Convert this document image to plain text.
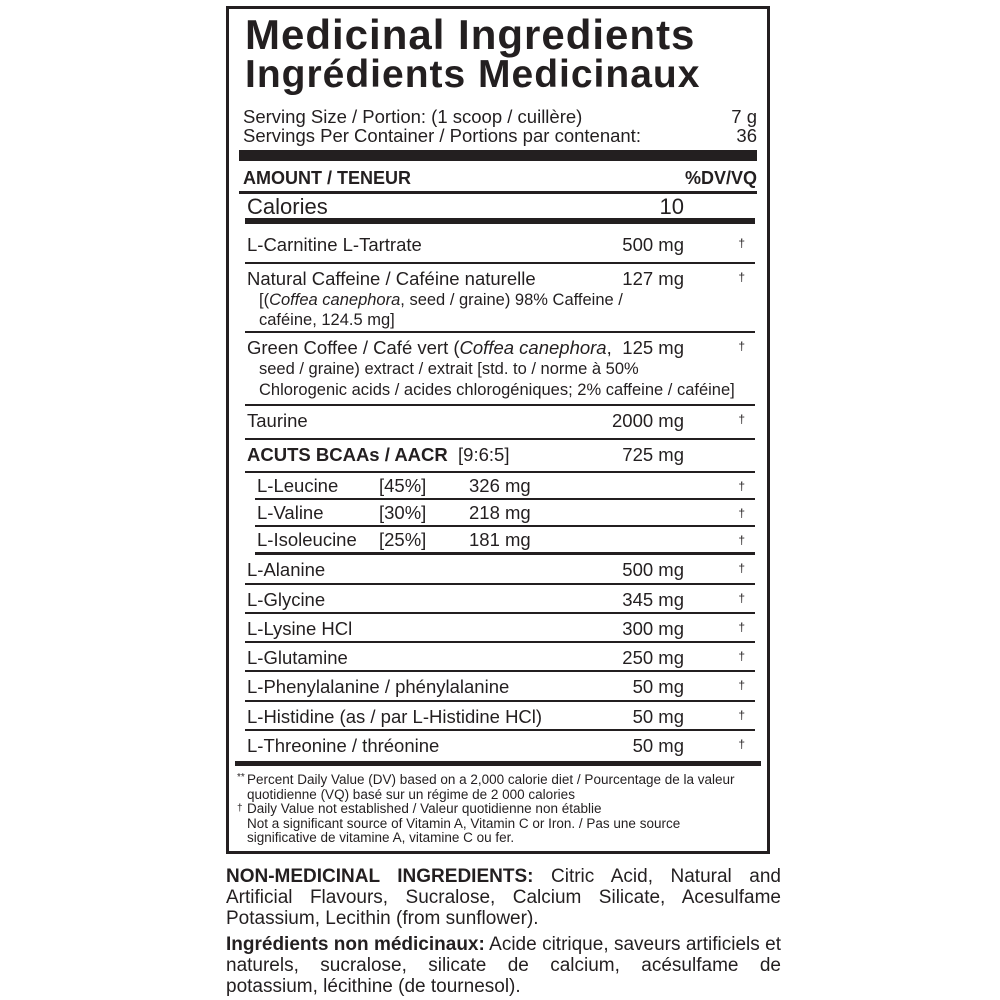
Medicinal Ingredients
Ingrédients Medicinaux
Serving Size / Portion: (1 scoop / cuillère)	7 g
Servings Per Container / Portions par contenant:	36
AMOUNT / TENEUR	%DV/VQ
Calories	10
L-Carnitine L-Tartrate	500 mg	†
Natural Caffeine / Caféine naturelle	127 mg	†
[(Coffea canephora, seed / graine) 98% Caffeine /
caféine, 124.5 mg]
Green Coffee / Café vert (Coffea canephora, 125 mg	†
seed / graine) extract / extrait [std. to / norme à 50%
Chlorogenic acids / acides chlorogéniques; 2% caffeine / caféine]
Taurine	2000 mg	†
ACUTS BCAAs / AACR [9:6:5]	725 mg
L-Leucine [45%] 326 mg	†
L-Valine	[30%] 218 mg	†
L-Isoleucine [25%] 181 mg	†
L-Alanine	500 mg	†
L-Glycine	345 mg	†
L-Lysine HCl	300 mg	†
L-Glutamine	250 mg	†
L-Phenylalanine / phénylalanine	50 mg	†
L-Histidine (as / par L-Histidine HCl)	50 mg	†
L-Threonine / thréonine	50 mg	†
** Percent Daily Value (DV) based on a 2,000 calorie diet / Pourcentage de la valeur
quotidienne (VQ) basé sur un régime de 2 000 calories
† Daily Value not established / Valeur quotidienne non établie
Not a significant source of Vitamin A, Vitamin C or Iron. / Pas une source
significative de vitamine A, vitamine C ou fer.

NON-MEDICINAL INGREDIENTS: Citric Acid, Natural and Artificial Flavours, Sucralose, Calcium Silicate, Acesulfame Potassium, Lecithin (from sunflower).

Ingrédients non médicinaux: Acide citrique, saveurs artificiels et naturels, sucralose, silicate de calcium, acésulfame de potassium, lécithine (de tournesol).
